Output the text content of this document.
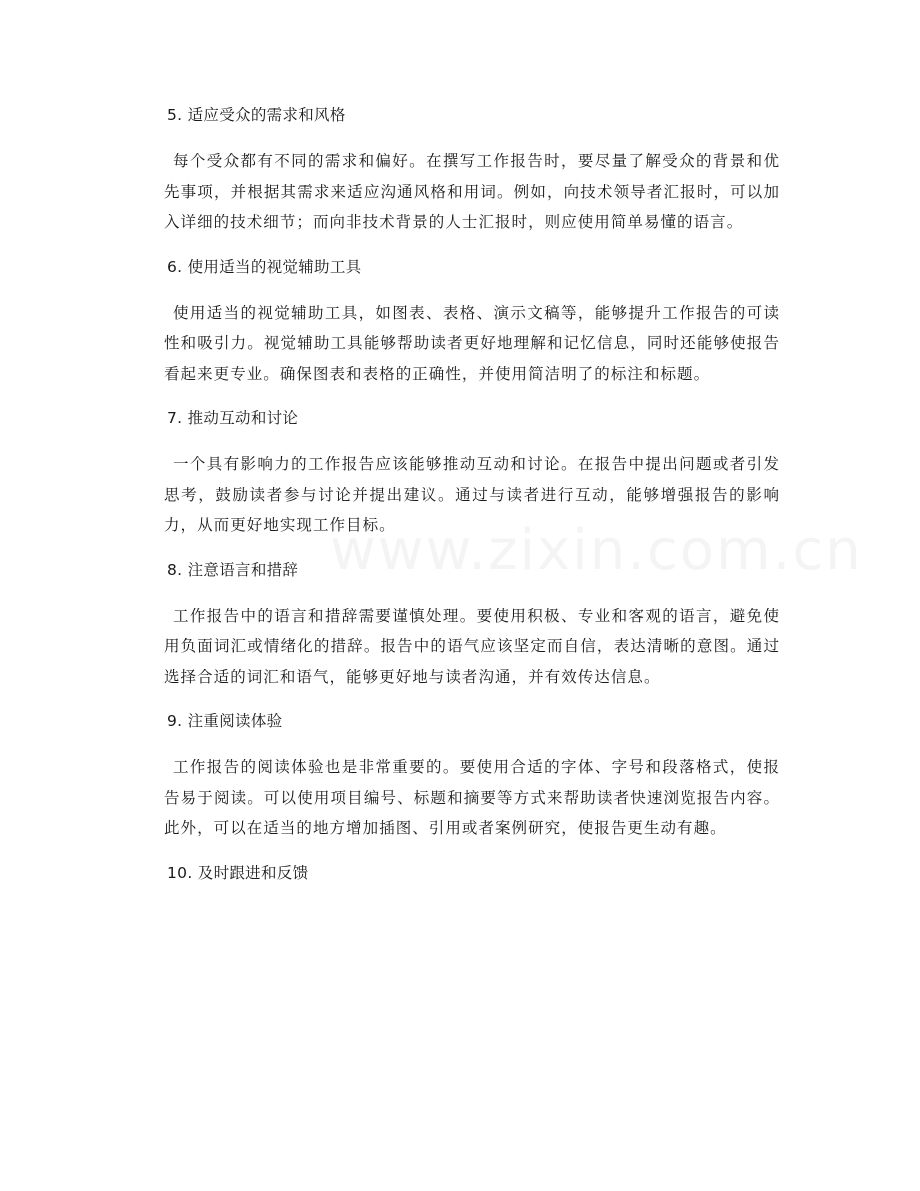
5. 适应受众的需求和风格

每个受众都有不同的需求和偏好。在撰写工作报告时，要尽量了解受众的背景和优先事项，并根据其需求来适应沟通风格和用词。例如，向技术领导者汇报时，可以加入详细的技术细节；而向非技术背景的人士汇报时，则应使用简单易懂的语言。

6. 使用适当的视觉辅助工具

使用适当的视觉辅助工具，如图表、表格、演示文稿等，能够提升工作报告的可读性和吸引力。视觉辅助工具能够帮助读者更好地理解和记忆信息，同时还能够使报告看起来更专业。确保图表和表格的正确性，并使用简洁明了的标注和标题。

7. 推动互动和讨论

一个具有影响力的工作报告应该能够推动互动和讨论。在报告中提出问题或者引发思考，鼓励读者参与讨论并提出建议。通过与读者进行互动，能够增强报告的影响力，从而更好地实现工作目标。

8. 注意语言和措辞

工作报告中的语言和措辞需要谨慎处理。要使用积极、专业和客观的语言，避免使用负面词汇或情绪化的措辞。报告中的语气应该坚定而自信，表达清晰的意图。通过选择合适的词汇和语气，能够更好地与读者沟通，并有效传达信息。

9. 注重阅读体验

工作报告的阅读体验也是非常重要的。要使用合适的字体、字号和段落格式，使报告易于阅读。可以使用项目编号、标题和摘要等方式来帮助读者快速浏览报告内容。此外，可以在适当的地方增加插图、引用或者案例研究，使报告更生动有趣。

10. 及时跟进和反馈
